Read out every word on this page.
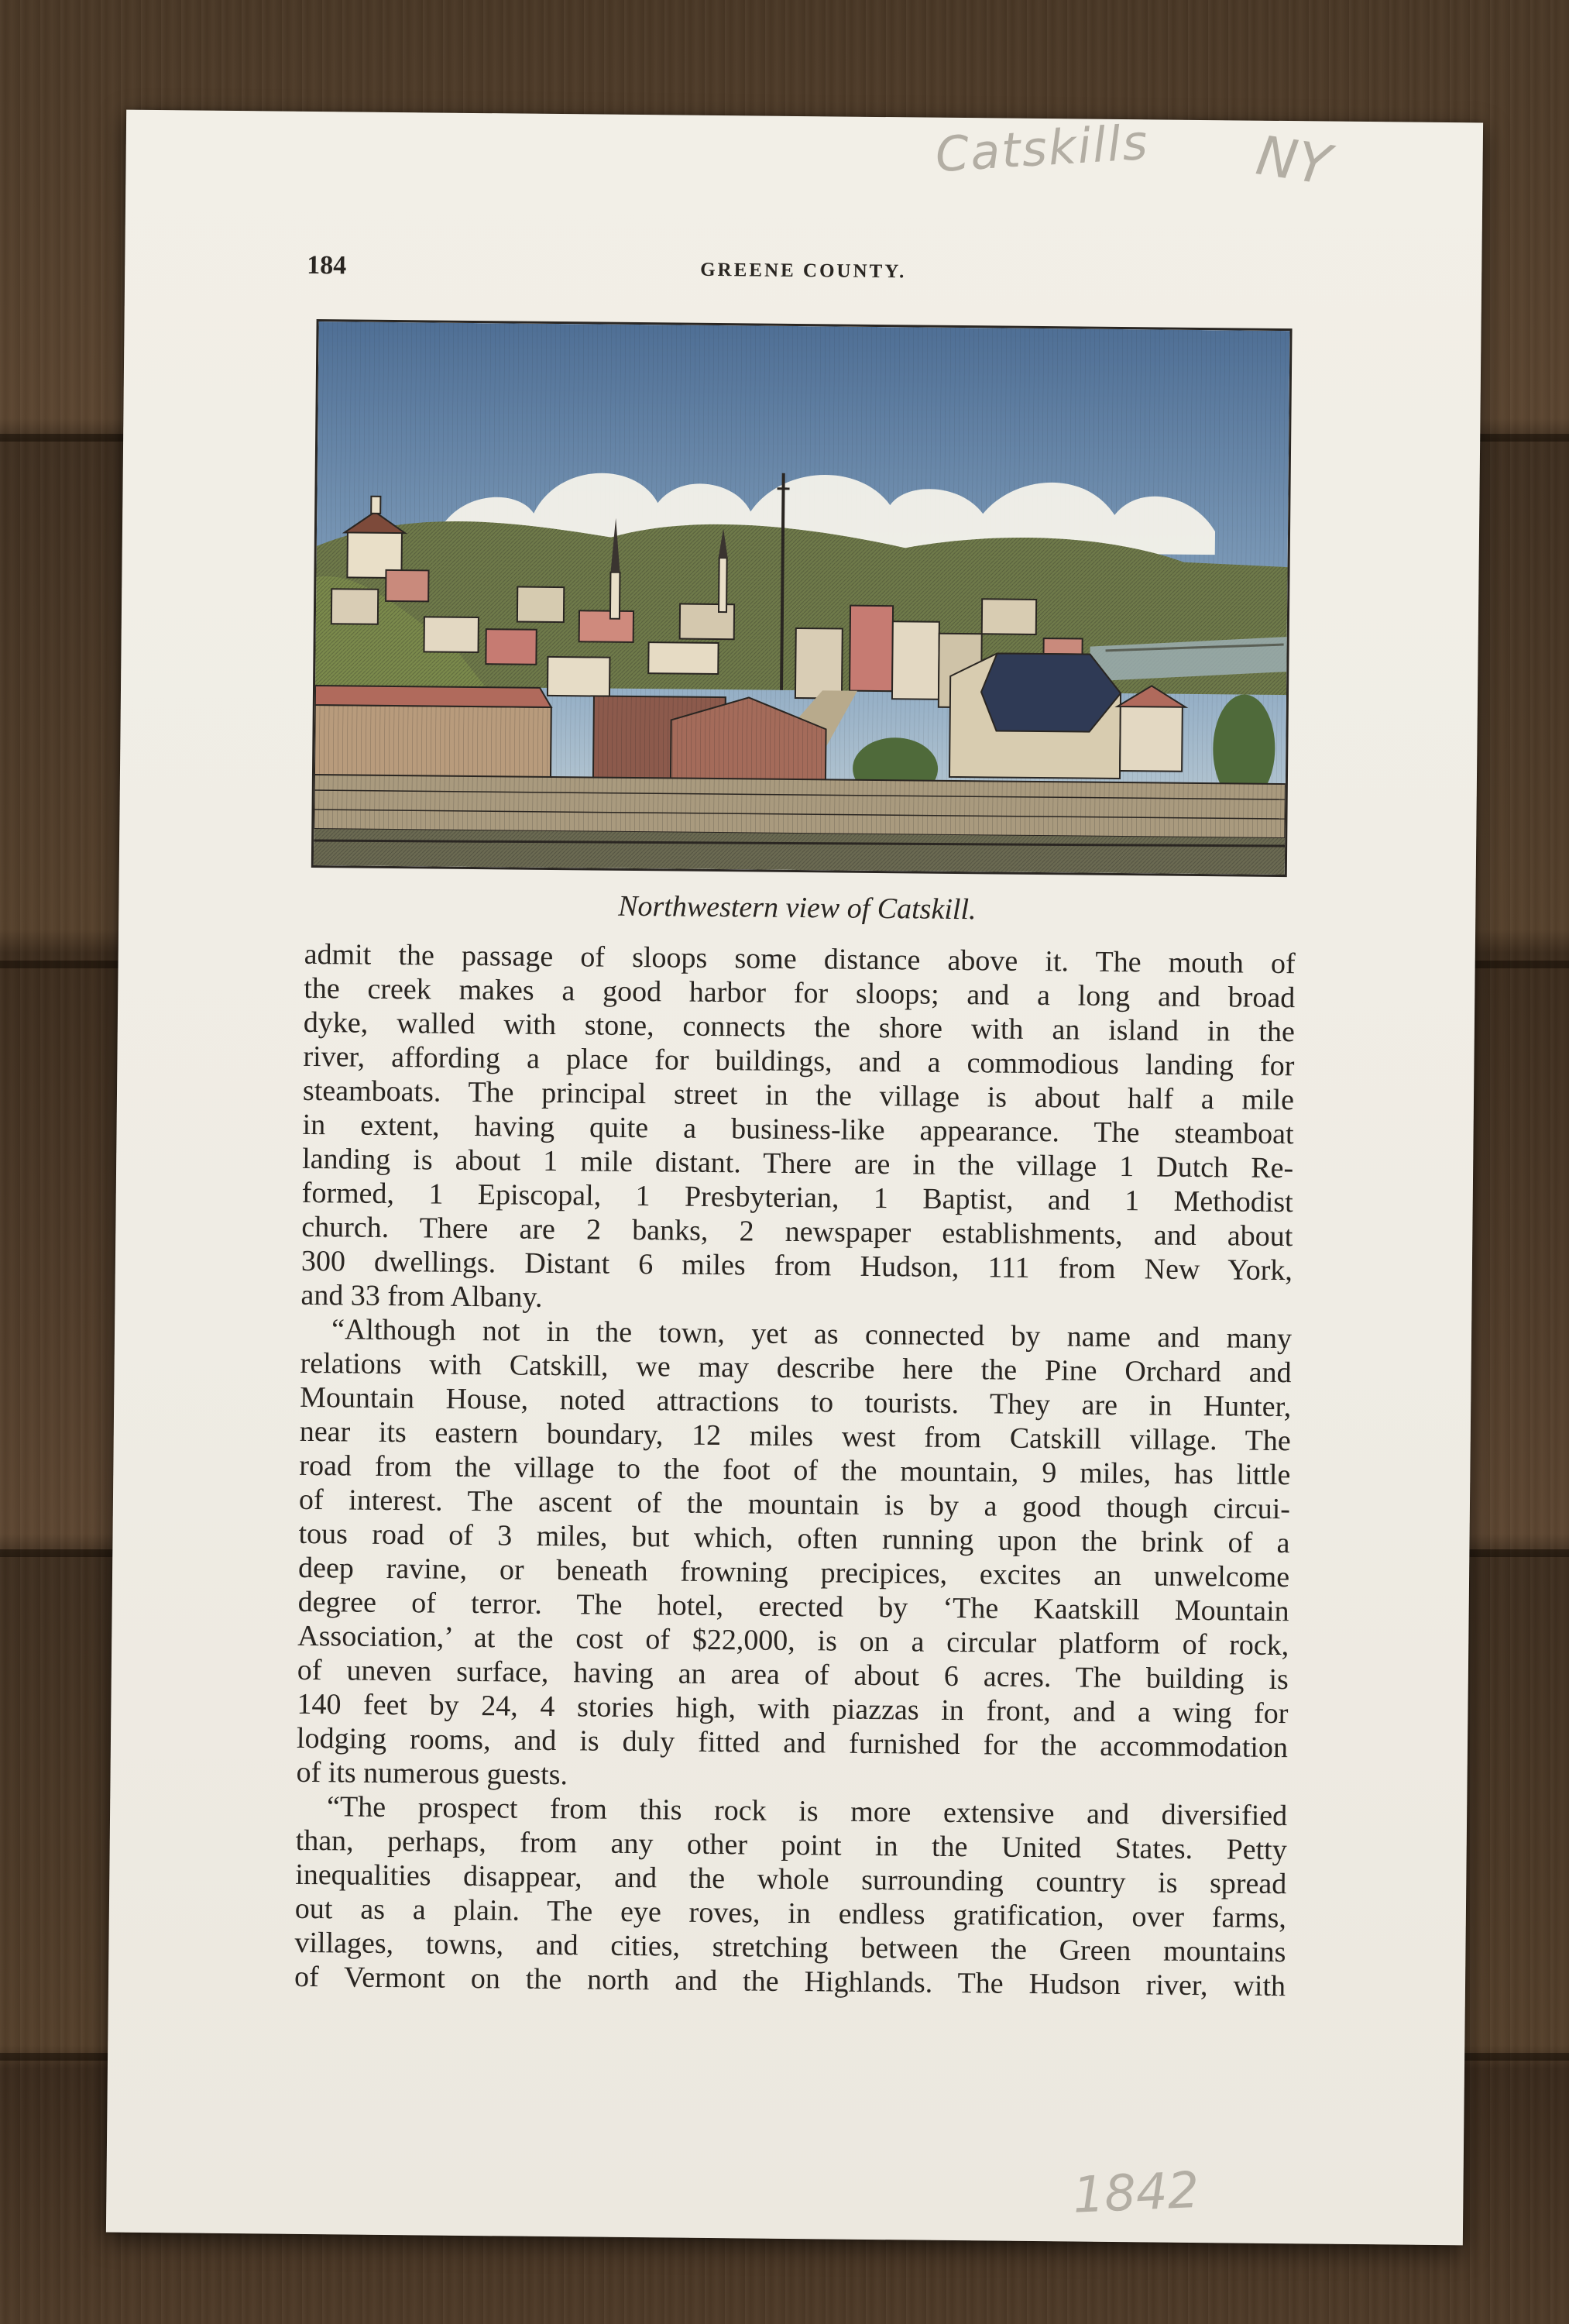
Catskills NY
1842
184	GREENE COUNTY.
Northwestern view of Catskill.
admit the passage of sloops some distance above it. The mouth of
the creek makes a good harbor for sloops; and a long and broad
dyke, walled with stone, connects the shore with an island in the
river, affording a place for buildings, and a commodious landing for
steamboats. The principal street in the village is about half a mile
in extent, having quite a business-like appearance. The steamboat
landing is about 1 mile distant. There are in the village 1 Dutch Re-
formed, 1 Episcopal, 1 Presbyterian, 1 Baptist, and 1 Methodist
church. There are 2 banks, 2 newspaper establishments, and about
300 dwellings. Distant 6 miles from Hudson, 111 from New York,
and 33 from Albany.
“Although not in the town, yet as connected by name and many
relations with Catskill, we may describe here the Pine Orchard and
Mountain House, noted attractions to tourists. They are in Hunter,
near its eastern boundary, 12 miles west from Catskill village. The
road from the village to the foot of the mountain, 9 miles, has little
of interest. The ascent of the mountain is by a good though circui-
tous road of 3 miles, but which, often running upon the brink of a
deep ravine, or beneath frowning precipices, excites an unwelcome
degree of terror. The hotel, erected by ‘The Kaatskill Mountain
Association,’ at the cost of $22,000, is on a circular platform of rock,
of uneven surface, having an area of about 6 acres. The building is
140 feet by 24, 4 stories high, with piazzas in front, and a wing for
lodging rooms, and is duly fitted and furnished for the accommodation
of its numerous guests.
“The prospect from this rock is more extensive and diversified
than, perhaps, from any other point in the United States. Petty
inequalities disappear, and the whole surrounding country is spread
out as a plain. The eye roves, in endless gratification, over farms,
villages, towns, and cities, stretching between the Green mountains
of Vermont on the north and the Highlands. The Hudson river, with
